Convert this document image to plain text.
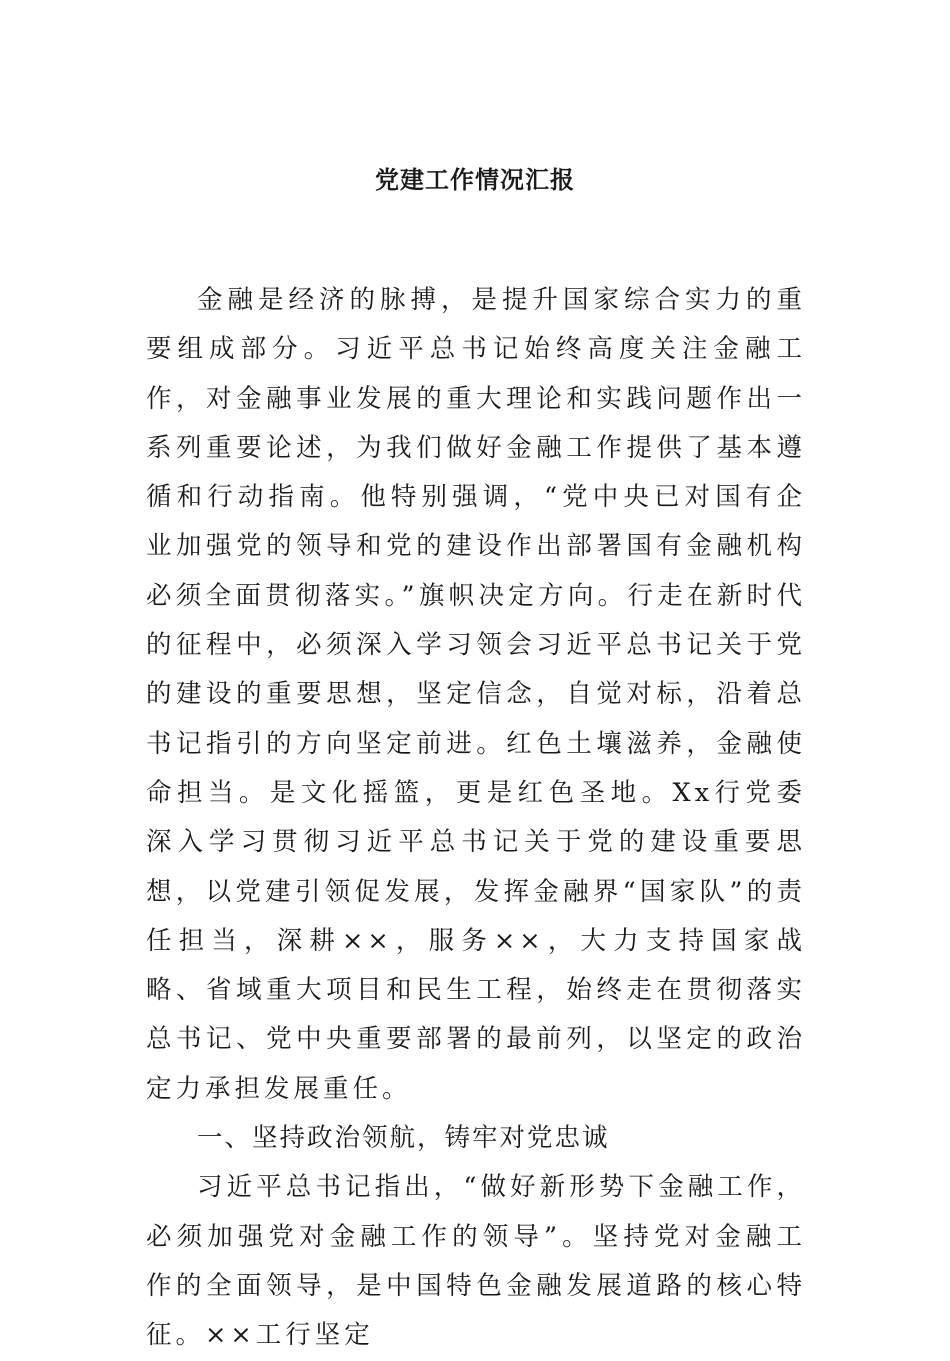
党建工作情况汇报

金融是经济的脉搏，是提升国家综合实力的重要组成部分。习近平总书记始终高度关注金融工作，对金融事业发展的重大理论和实践问题作出一系列重要论述，为我们做好金融工作提供了基本遵循和行动指南。他特别强调，“党中央已对国有企业加强党的领导和党的建设作出部署国有金融机构必须全面贯彻落实。”旗帜决定方向。行走在新时代的征程中，必须深入学习领会习近平总书记关于党的建设的重要思想，坚定信念，自觉对标，沿着总书记指引的方向坚定前进。红色土壤滋养，金融使命担当。是文化摇篮，更是红色圣地。Xx行党委深入学习贯彻习近平总书记关于党的建设重要思想，以党建引领促发展，发挥金融界“国家队”的责任担当，深耕××，服务××，大力支持国家战略、省域重大项目和民生工程，始终走在贯彻落实总书记、党中央重要部署的最前列，以坚定的政治定力承担发展重任。

一、坚持政治领航，铸牢对党忠诚

习近平总书记指出，“做好新形势下金融工作，必须加强党对金融工作的领导”。坚持党对金融工作的全面领导，是中国特色金融发展道路的核心特征。××工行坚定
